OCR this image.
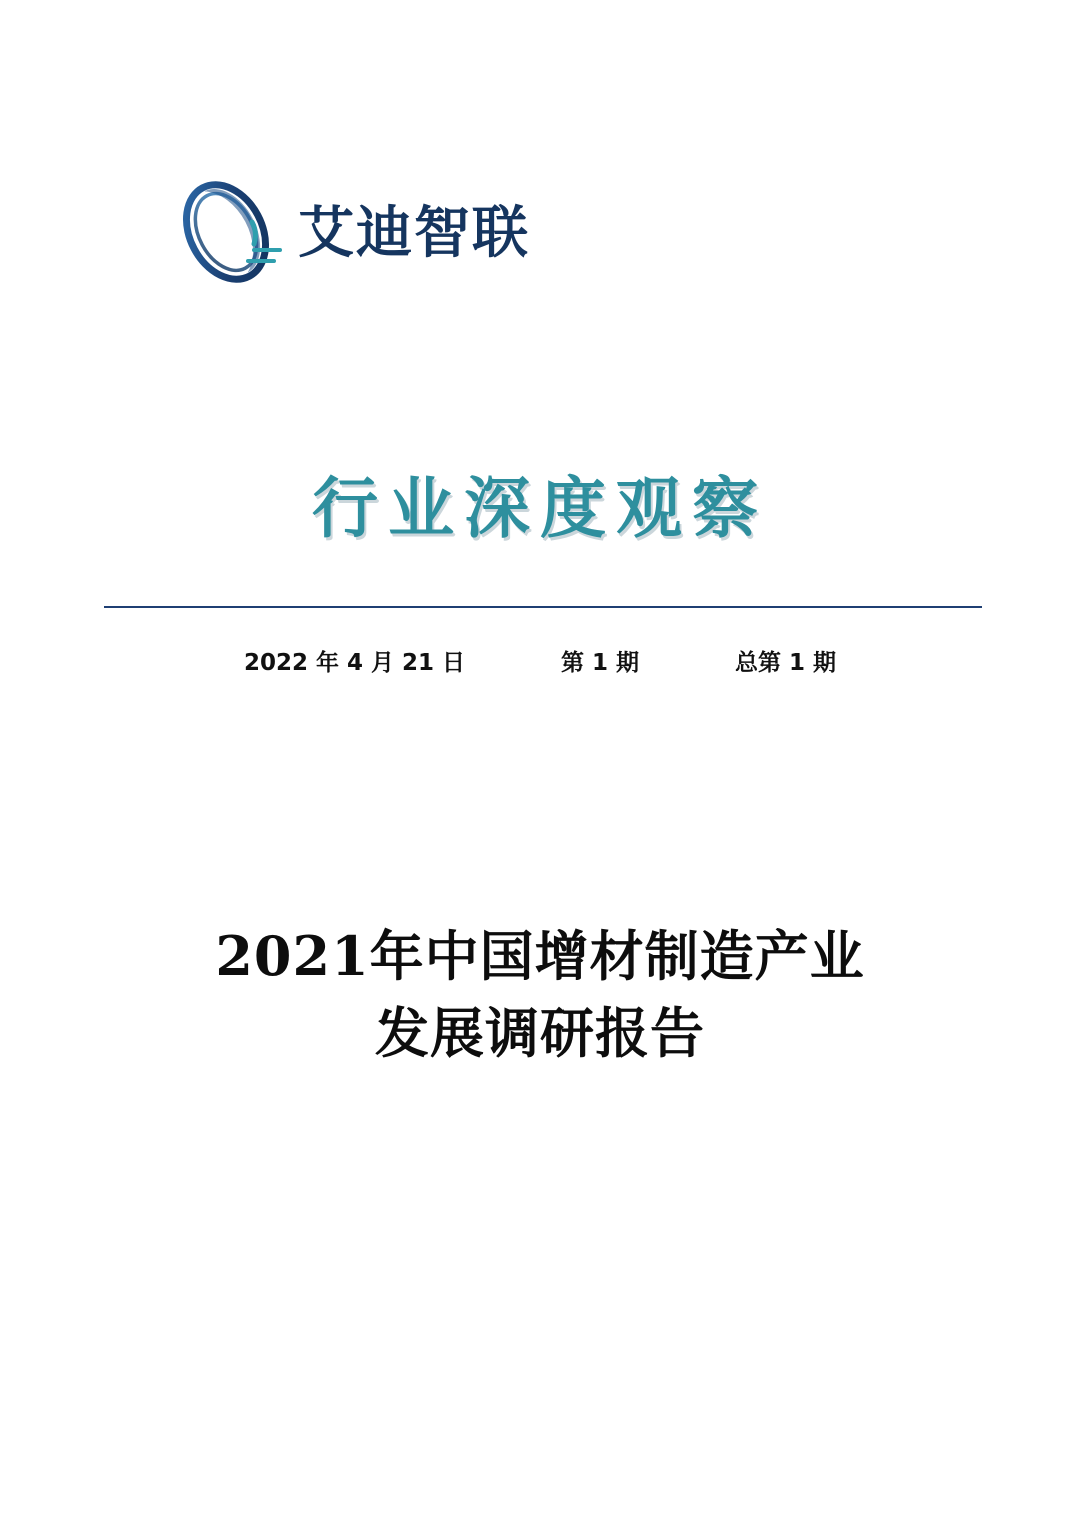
艾迪智联
行业深度观察
2022 年 4 月 21 日	第 1 期	总第 1 期
2021年中国增材制造产业
发展调研报告
